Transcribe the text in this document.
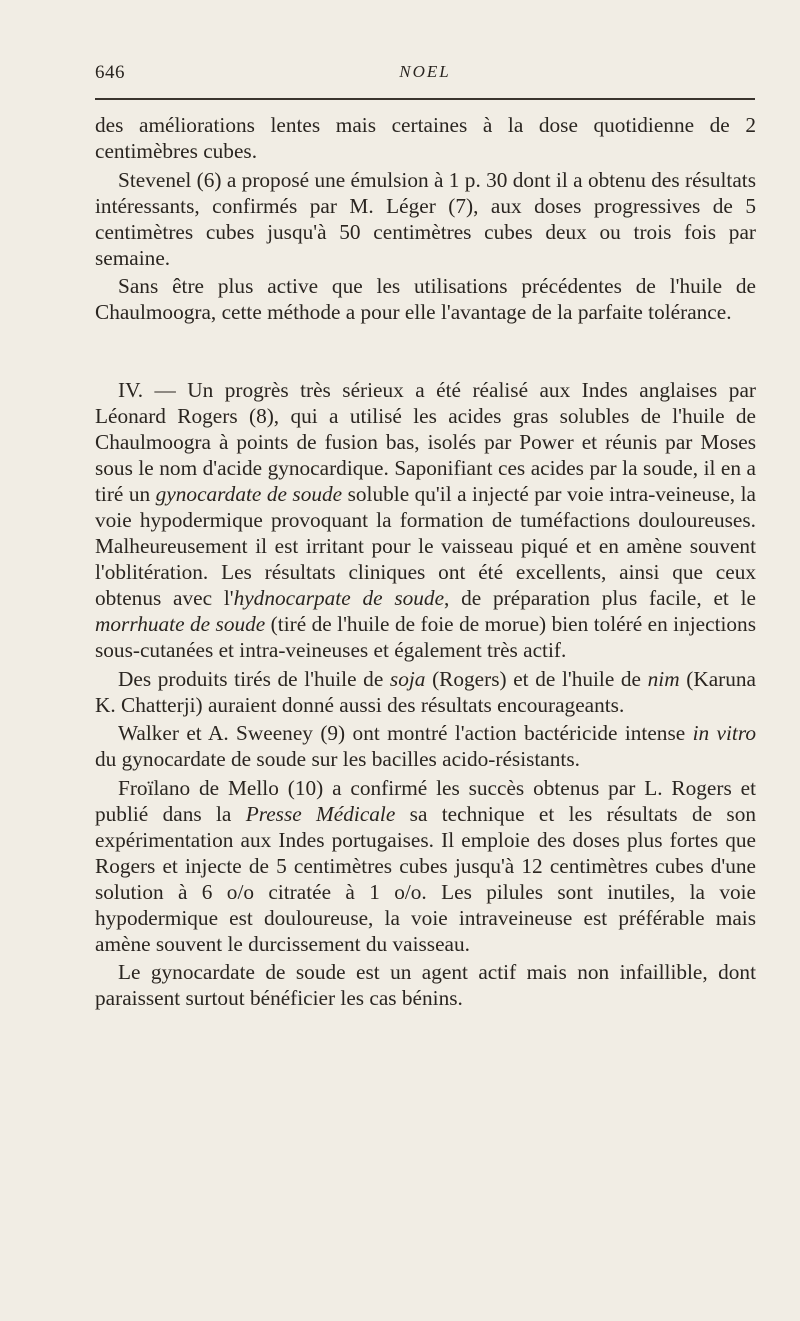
646	NOEL

des améliorations lentes mais certaines à la dose quotidienne de 2 centimèbres cubes.

Stevenel (6) a proposé une émulsion à 1 p. 30 dont il a obtenu des résultats intéressants, confirmés par M. Léger (7), aux doses progressives de 5 centimètres cubes jusqu'à 50 centimètres cubes deux ou trois fois par semaine.

Sans être plus active que les utilisations précédentes de l'huile de Chaulmoogra, cette méthode a pour elle l'avantage de la parfaite tolérance.

IV. — Un progrès très sérieux a été réalisé aux Indes anglaises par Léonard Rogers (8), qui a utilisé les acides gras solubles de l'huile de Chaulmoogra à points de fusion bas, isolés par Power et réunis par Moses sous le nom d'acide gynocardique. Saponifiant ces acides par la soude, il en a tiré un gynocardate de soude soluble qu'il a injecté par voie intra-veineuse, la voie hypodermique provoquant la formation de tuméfactions douloureuses. Malheureusement il est irritant pour le vaisseau piqué et en amène souvent l'oblitération. Les résultats cliniques ont été excellents, ainsi que ceux obtenus avec l'hydnocarpate de soude, de préparation plus facile, et le morrhuate de soude (tiré de l'huile de foie de morue) bien toléré en injections sous-cutanées et intra-veineuses et également très actif.

Des produits tirés de l'huile de soja (Rogers) et de l'huile de nim (Karuna K. Chatterji) auraient donné aussi des résultats encourageants.

Walker et A. Sweeney (9) ont montré l'action bactéricide intense in vitro du gynocardate de soude sur les bacilles acido-résistants.

Froïlano de Mello (10) a confirmé les succès obtenus par L. Rogers et publié dans la Presse Médicale sa technique et les résultats de son expérimentation aux Indes portugaises. Il emploie des doses plus fortes que Rogers et injecte de 5 centimètres cubes jusqu'à 12 centimètres cubes d'une solution à 6 o/o citratée à 1 o/o. Les pilules sont inutiles, la voie hypodermique est douloureuse, la voie intraveineuse est préférable mais amène souvent le durcissement du vaisseau.

Le gynocardate de soude est un agent actif mais non infaillible, dont paraissent surtout bénéficier les cas bénins.
